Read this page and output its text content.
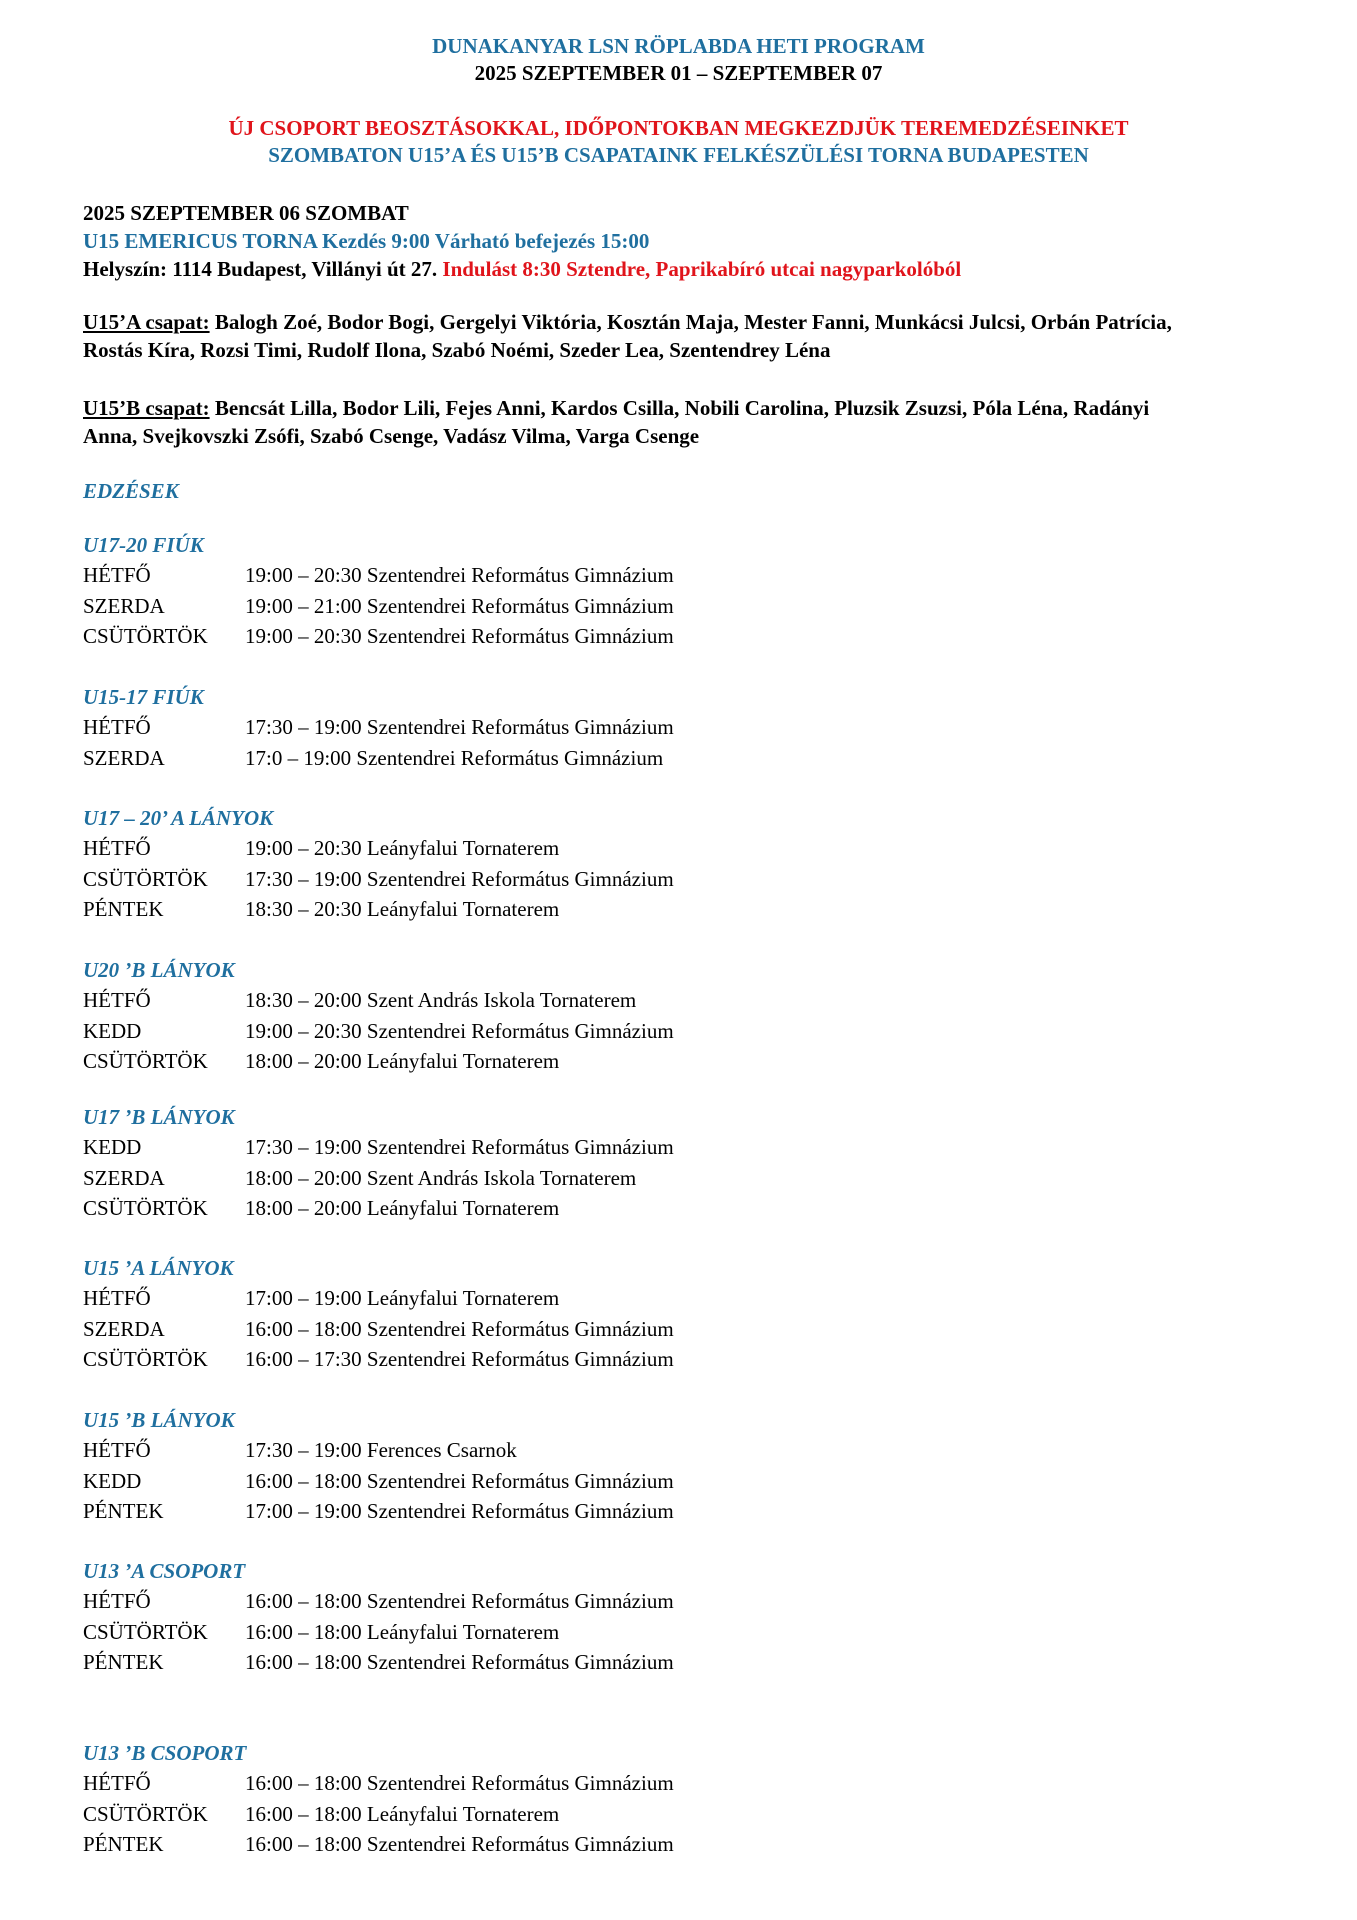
DUNAKANYAR LSN RÖPLABDA HETI PROGRAM

2025 SZEPTEMBER 01 – SZEPTEMBER 07

ÚJ CSOPORT BEOSZTÁSOKKAL, IDŐPONTOKBAN MEGKEZDJÜK TEREMEDZÉSEINKET

SZOMBATON U15’A ÉS U15’B CSAPATAINK FELKÉSZÜLÉSI TORNA BUDAPESTEN

2025 SZEPTEMBER 06 SZOMBAT
U15 EMERICUS TORNA Kezdés 9:00 Várható befejezés 15:00
Helyszín: 1114 Budapest, Villányi út 27. Indulást 8:30 Sztendre, Paprikabíró utcai nagyparkolóból
U15’A csapat: Balogh Zoé, Bodor Bogi, Gergelyi Viktória, Kosztán Maja, Mester Fanni, Munkácsi Julcsi, Orbán Patrícia,
Rostás Kíra, Rozsi Timi, Rudolf Ilona, Szabó Noémi, Szeder Lea, Szentendrey Léna
U15’B csapat: Bencsát Lilla, Bodor Lili, Fejes Anni, Kardos Csilla, Nobili Carolina, Pluzsik Zsuzsi, Póla Léna, Radányi
Anna, Svejkovszki Zsófi, Szabó Csenge, Vadász Vilma, Varga Csenge
EDZÉSEK
U17-20 FIÚK
HÉTFŐ	19:00 – 20:30 Szentendrei Református Gimnázium
SZERDA	19:00 – 21:00 Szentendrei Református Gimnázium
CSÜTÖRTÖK	19:00 – 20:30 Szentendrei Református Gimnázium
U15-17 FIÚK
HÉTFŐ	17:30 – 19:00 Szentendrei Református Gimnázium
SZERDA	17:0 – 19:00 Szentendrei Református Gimnázium
U17 – 20’ A LÁNYOK
HÉTFŐ	19:00 – 20:30 Leányfalui Tornaterem
CSÜTÖRTÖK	17:30 – 19:00 Szentendrei Református Gimnázium
PÉNTEK	18:30 – 20:30 Leányfalui Tornaterem
U20 ’B LÁNYOK
HÉTFŐ	18:30 – 20:00 Szent András Iskola Tornaterem
KEDD	19:00 – 20:30 Szentendrei Református Gimnázium
CSÜTÖRTÖK	18:00 – 20:00 Leányfalui Tornaterem
U17 ’B LÁNYOK
KEDD	17:30 – 19:00 Szentendrei Református Gimnázium
SZERDA	18:00 – 20:00 Szent András Iskola Tornaterem
CSÜTÖRTÖK	18:00 – 20:00 Leányfalui Tornaterem
U15 ’A LÁNYOK
HÉTFŐ	17:00 – 19:00 Leányfalui Tornaterem
SZERDA	16:00 – 18:00 Szentendrei Református Gimnázium
CSÜTÖRTÖK	16:00 – 17:30 Szentendrei Református Gimnázium
U15 ’B LÁNYOK
HÉTFŐ	17:30 – 19:00 Ferences Csarnok
KEDD	16:00 – 18:00 Szentendrei Református Gimnázium
PÉNTEK	17:00 – 19:00 Szentendrei Református Gimnázium
U13 ’A CSOPORT
HÉTFŐ	16:00 – 18:00 Szentendrei Református Gimnázium
CSÜTÖRTÖK	16:00 – 18:00 Leányfalui Tornaterem
PÉNTEK	16:00 – 18:00 Szentendrei Református Gimnázium
U13 ’B CSOPORT
HÉTFŐ	16:00 – 18:00 Szentendrei Református Gimnázium
CSÜTÖRTÖK	16:00 – 18:00 Leányfalui Tornaterem
PÉNTEK	16:00 – 18:00 Szentendrei Református Gimnázium
